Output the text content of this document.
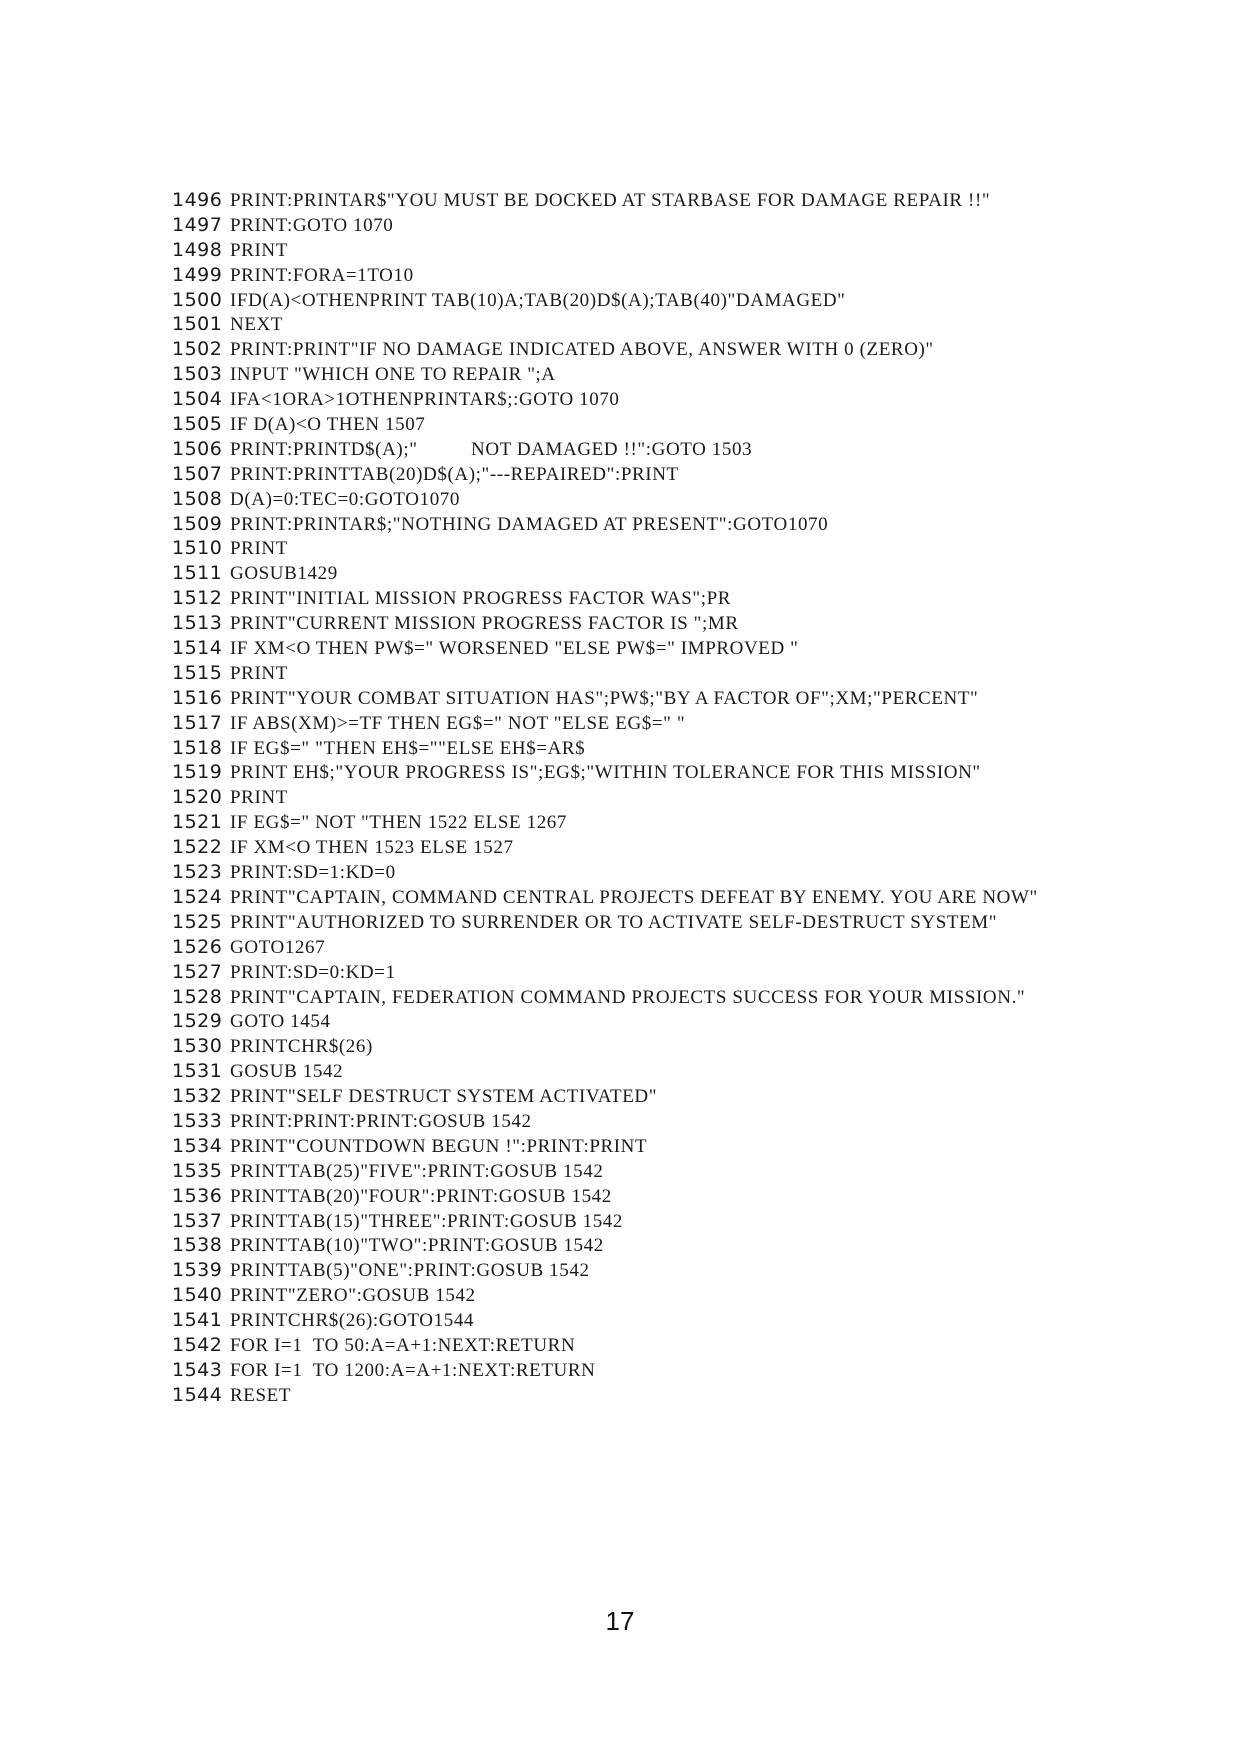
1496 PRINT:PRINTAR$"YOU MUST BE DOCKED AT STARBASE FOR DAMAGE REPAIR !!"
1497 PRINT:GOTO 1070
1498 PRINT
1499 PRINT:FORA=1TO10
1500 IFD(A)<OTHENPRINT TAB(10)A;TAB(20)D$(A);TAB(40)"DAMAGED"
1501 NEXT
1502 PRINT:PRINT"IF NO DAMAGE INDICATED ABOVE, ANSWER WITH 0 (ZERO)"
1503 INPUT "WHICH ONE TO REPAIR ";A
1504 IFA<1ORA>1OTHENPRINTAR$;:GOTO 1070
1505 IF D(A)<O THEN 1507
1506 PRINT:PRINTD$(A);"          NOT DAMAGED !!":GOTO 1503
1507 PRINT:PRINTTAB(20)D$(A);"---REPAIRED":PRINT
1508 D(A)=0:TEC=0:GOTO1070
1509 PRINT:PRINTAR$;"NOTHING DAMAGED AT PRESENT":GOTO1070
1510 PRINT
1511 GOSUB1429
1512 PRINT"INITIAL MISSION PROGRESS FACTOR WAS";PR
1513 PRINT"CURRENT MISSION PROGRESS FACTOR IS ";MR
1514 IF XM<O THEN PW$=" WORSENED "ELSE PW$=" IMPROVED "
1515 PRINT
1516 PRINT"YOUR COMBAT SITUATION HAS";PW$;"BY A FACTOR OF";XM;"PERCENT"
1517 IF ABS(XM)>=TF THEN EG$=" NOT "ELSE EG$=" "
1518 IF EG$=" "THEN EH$=""ELSE EH$=AR$
1519 PRINT EH$;"YOUR PROGRESS IS";EG$;"WITHIN TOLERANCE FOR THIS MISSION"
1520 PRINT
1521 IF EG$=" NOT "THEN 1522 ELSE 1267
1522 IF XM<O THEN 1523 ELSE 1527
1523 PRINT:SD=1:KD=0
1524 PRINT"CAPTAIN, COMMAND CENTRAL PROJECTS DEFEAT BY ENEMY. YOU ARE NOW"
1525 PRINT"AUTHORIZED TO SURRENDER OR TO ACTIVATE SELF-DESTRUCT SYSTEM"
1526 GOTO1267
1527 PRINT:SD=0:KD=1
1528 PRINT"CAPTAIN, FEDERATION COMMAND PROJECTS SUCCESS FOR YOUR MISSION."
1529 GOTO 1454
1530 PRINTCHR$(26)
1531 GOSUB 1542
1532 PRINT"SELF DESTRUCT SYSTEM ACTIVATED"
1533 PRINT:PRINT:PRINT:GOSUB 1542
1534 PRINT"COUNTDOWN BEGUN !":PRINT:PRINT
1535 PRINTTAB(25)"FIVE":PRINT:GOSUB 1542
1536 PRINTTAB(20)"FOUR":PRINT:GOSUB 1542
1537 PRINTTAB(15)"THREE":PRINT:GOSUB 1542
1538 PRINTTAB(10)"TWO":PRINT:GOSUB 1542
1539 PRINTTAB(5)"ONE":PRINT:GOSUB 1542
1540 PRINT"ZERO":GOSUB 1542
1541 PRINTCHR$(26):GOTO1544
1542 FOR I=1  TO 50:A=A+1:NEXT:RETURN
1543 FOR I=1  TO 1200:A=A+1:NEXT:RETURN
1544 RESET
17
